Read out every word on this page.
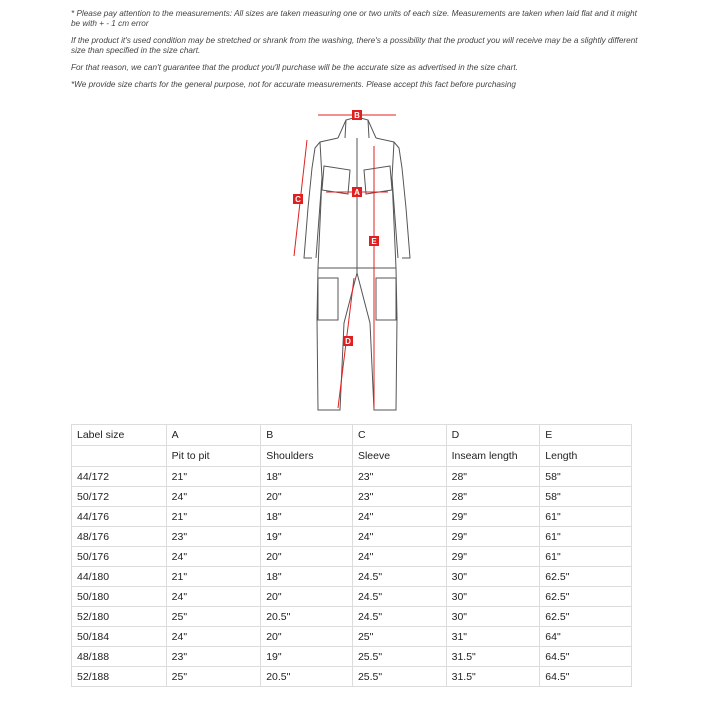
* Please pay attention to the measurements: All sizes are taken measuring one or two units of each size. Measurements are taken when laid flat and it might be with + - 1 cm error

If the product it's used condition may be stretched or shrank from the washing, there's a possibility that the product you will receive may be a slightly different size than specified in the size chart.

For that reason, we can't guarantee that the product you'll purchase will be the accurate size as advertised in the size chart.

*We provide size charts for the general purpose, not for accurate measurements. Please accept this fact before purchasing

B
A
C
E
D
Label size	A	B	C	D	E
	Pit to pit	Shoulders	Sleeve	Inseam length	Length
44/172	21"	18"	23"	28"	58"
50/172	24"	20"	23"	28"	58"
44/176	21"	18"	24"	29"	61"
48/176	23"	19"	24"	29"	61"
50/176	24"	20"	24"	29"	61"
44/180	21"	18"	24.5"	30"	62.5"
50/180	24"	20"	24.5"	30"	62.5"
52/180	25"	20.5"	24.5"	30"	62.5"
50/184	24"	20"	25"	31"	64"
48/188	23"	19"	25.5"	31.5"	64.5"
52/188	25"	20.5"	25.5"	31.5"	64.5"
